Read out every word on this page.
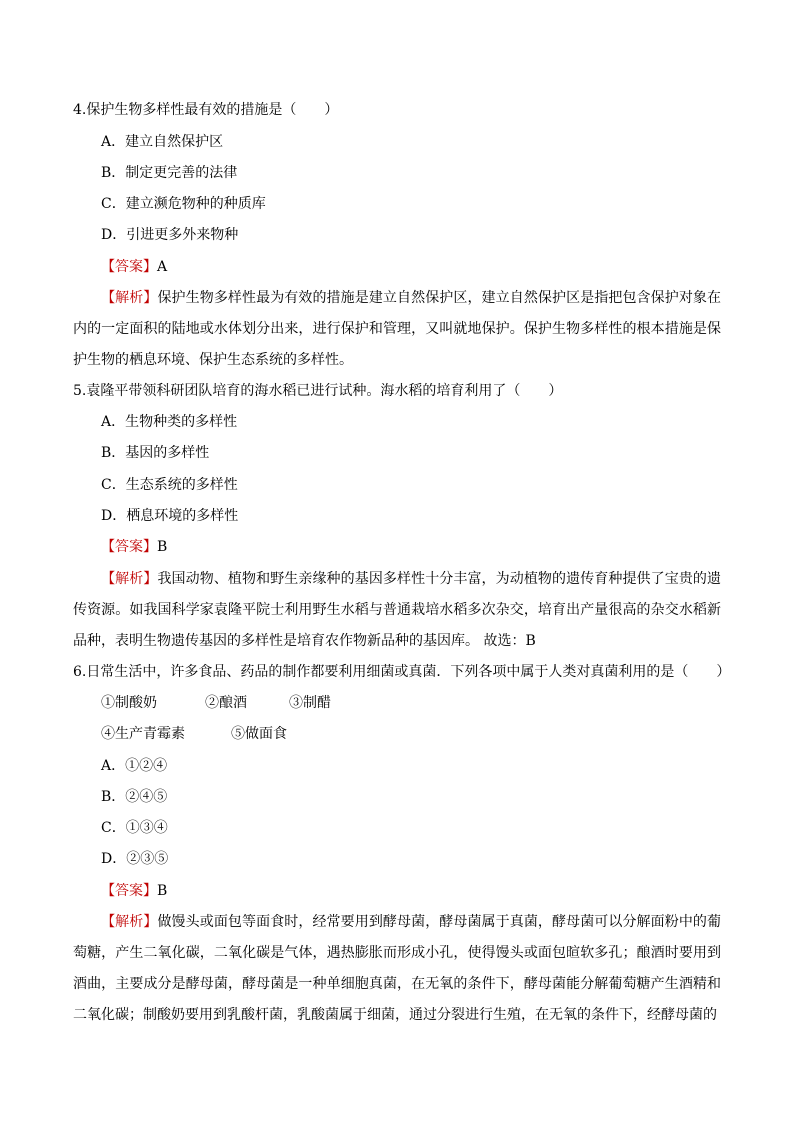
4.保护生物多样性最有效的措施是（　　）
A．建立自然保护区
B．制定更完善的法律
C．建立濒危物种的种质库
D．引进更多外来物种
【答案】A
【解析】保护生物多样性最为有效的措施是建立自然保护区，建立自然保护区是指把包含保护对象在内的一定面积的陆地或水体划分出来，进行保护和管理，又叫就地保护。保护生物多样性的根本措施是保护生物的栖息环境、保护生态系统的多样性。
5.袁隆平带领科研团队培育的海水稻已进行试种。海水稻的培育利用了（　　）
A．生物种类的多样性
B．基因的多样性
C．生态系统的多样性
D．栖息环境的多样性
【答案】B
【解析】我国动物、植物和野生亲缘种的基因多样性十分丰富，为动植物的遗传育种提供了宝贵的遗传资源。如我国科学家袁隆平院士利用野生水稻与普通栽培水稻多次杂交，培育出产量很高的杂交水稻新品种，表明生物遗传基因的多样性是培育农作物新品种的基因库。 故选：B
6.日常生活中，许多食品、药品的制作都要利用细菌或真菌．下列各项中属于人类对真菌利用的是（　　）
①制酸奶	②酿酒	③制醋
④生产青霉素	⑤做面食
A．①②④
B．②④⑤
C．①③④
D．②③⑤
【答案】B
【解析】做馒头或面包等面食时，经常要用到酵母菌，酵母菌属于真菌，酵母菌可以分解面粉中的葡萄糖，产生二氧化碳，二氧化碳是气体，遇热膨胀而形成小孔，使得馒头或面包暄软多孔；酿酒时要用到酒曲，主要成分是酵母菌，酵母菌是一种单细胞真菌，在无氧的条件下，酵母菌能分解葡萄糖产生酒精和二氧化碳；制酸奶要用到乳酸杆菌，乳酸菌属于细菌，通过分裂进行生殖，在无氧的条件下，经酵母菌的
